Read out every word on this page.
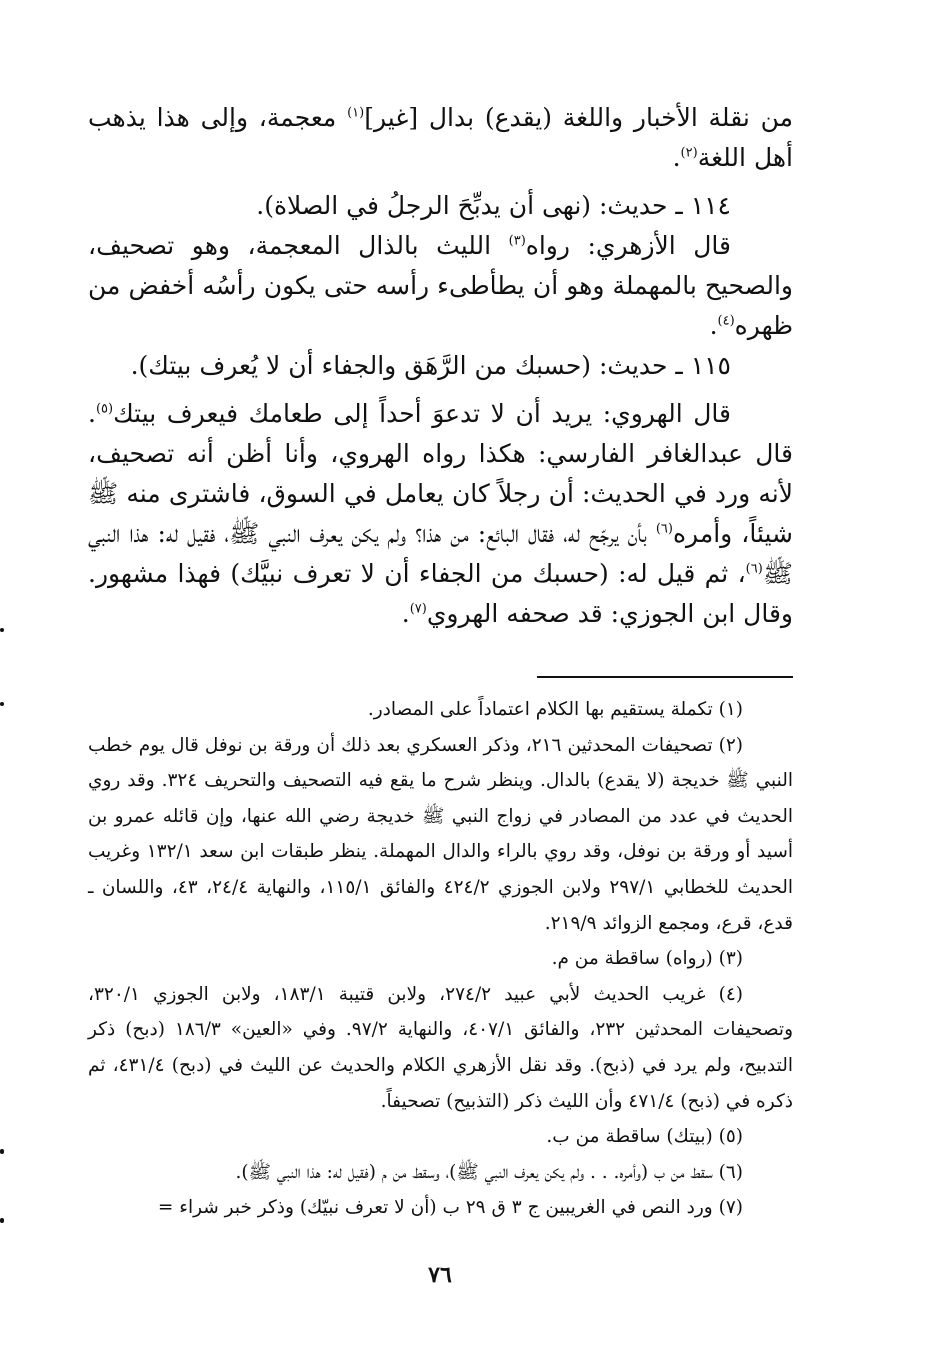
من نقلة الأخبار واللغة (يقدع) بدال [غير]$^{(١)}$ معجمة، وإلى هذا يذهب أهل اللغة$^{(٢)}$.

١١٤ ـ حديث: (نهى أن يدبِّحَ الرجلُ في الصلاة).

قال الأزهري: رواه$^{(٣)}$ الليث بالذال المعجمة، وهو تصحيف، والصحيح بالمهملة وهو أن يطأطىء رأسه حتى يكون رأسُه أخفض من ظهره$^{(٤)}$.

١١٥ ـ حديث: (حسبك من الرَّهَق والجفاء أن لا يُعرف بيتك).

قال الهروي: يريد أن لا تدعوَ أحداً إلى طعامك فيعرف بيتك$^{(٥)}$. قال عبدالغافر الفارسي: هكذا رواه الهروي، وأنا أظن أنه تصحيف، لأنه ورد في الحديث: أن رجلاً كان يعامل في السوق، فاشترى منه ﷺ شيئاً، وأمره$^{(٦)}$ بأن يرجّح له، فقال البائع: من هذا؟ ولم يكن يعرف النبي ﷺ، فقيل له: هذا النبي ﷺ$^{(٦)}$، ثم قيل له: (حسبك من الجفاء أن لا تعرف نبيَّك) فهذا مشهور. وقال ابن الجوزي: قد صحفه الهروي$^{(٧)}$.

(١) تكملة يستقيم بها الكلام اعتماداً على المصادر.

(٢) تصحيفات المحدثين ٢١٦، وذكر العسكري بعد ذلك أن ورقة بن نوفل قال يوم خطب النبي ﷺ خديجة (لا يقدع) بالدال. وينظر شرح ما يقع فيه التصحيف والتحريف ٣٢٤. وقد روي الحديث في عدد من المصادر في زواج النبي ﷺ خديجة رضي الله عنها، وإن قائله عمرو بن أسيد أو ورقة بن نوفل، وقد روي بالراء والدال المهملة. ينظر طبقات ابن سعد ١٣٢/١ وغريب الحديث للخطابي ٢٩٧/١ ولابن الجوزي ٤٢٤/٢ والفائق ١١٥/١، والنهاية ٢٤/٤، ٤٣، واللسان ـ قدع، قرع، ومجمع الزوائد ٢١٩/٩.

(٣) (رواه) ساقطة من م.

(٤) غريب الحديث لأبي عبيد ٢٧٤/٢، ولابن قتيبة ١٨٣/١، ولابن الجوزي ٣٢٠/١، وتصحيفات المحدثين ٢٣٢، والفائق ٤٠٧/١، والنهاية ٩٧/٢. وفي «العين» ١٨٦/٣ (دبح) ذكر التدبيح، ولم يرد في (ذبح). وقد نقل الأزهري الكلام والحديث عن الليث في (دبح) ٤٣١/٤، ثم ذكره في (ذبح) ٤٧١/٤ وأن الليث ذكر (التذبيح) تصحيفاً.

(٥) (بيتك) ساقطة من ب.

(٦) سقط من ب (وأمره. . . ولم يكن يعرف النبي ﷺ)، وسقط من م (فقيل له: هذا النبي ﷺ).

(٧) ورد النص في الغريبين ج ٣ ق ٢٩ ب (أن لا تعرف نبيّك) وذكر خبر شراء =

٧٦
